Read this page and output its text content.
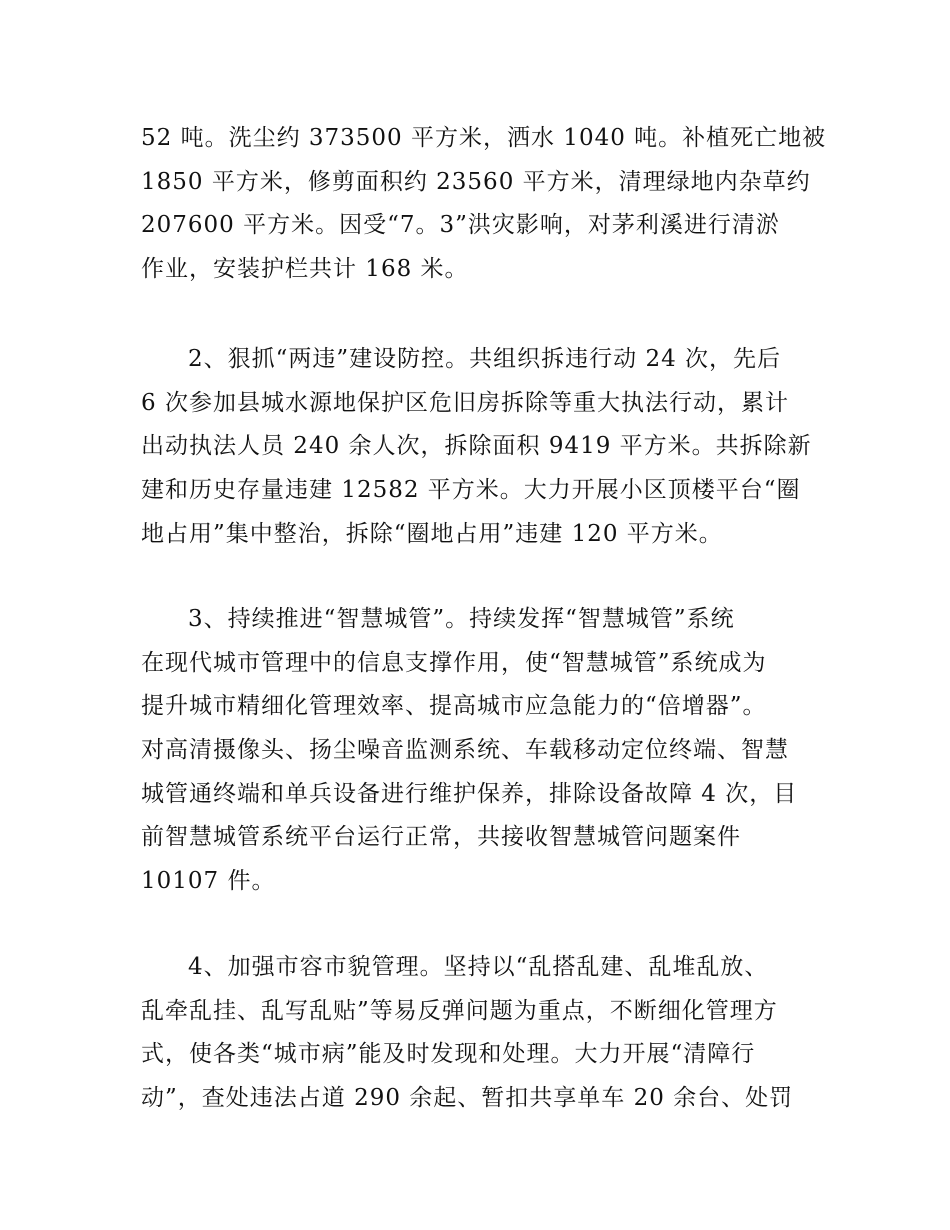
52 吨。洗尘约 373500 平方米，洒水 1040 吨。补植死亡地被
1850 平方米，修剪面积约 23560 平方米，清理绿地内杂草约
207600 平方米。因受“7。3”洪灾影响，对茅利溪进行清淤
作业，安装护栏共计 168 米。

2、狠抓“两违”建设防控。共组织拆违行动 24 次，先后
6 次参加县城水源地保护区危旧房拆除等重大执法行动，累计
出动执法人员 240 余人次，拆除面积 9419 平方米。共拆除新
建和历史存量违建 12582 平方米。大力开展小区顶楼平台“圈
地占用”集中整治，拆除“圈地占用”违建 120 平方米。

3、持续推进“智慧城管”。持续发挥“智慧城管”系统
在现代城市管理中的信息支撑作用，使“智慧城管”系统成为
提升城市精细化管理效率、提高城市应急能力的“倍增器”。
对高清摄像头、扬尘噪音监测系统、车载移动定位终端、智慧
城管通终端和单兵设备进行维护保养，排除设备故障 4 次，目
前智慧城管系统平台运行正常，共接收智慧城管问题案件
10107 件。

4、加强市容市貌管理。坚持以“乱搭乱建、乱堆乱放、
乱牵乱挂、乱写乱贴”等易反弹问题为重点，不断细化管理方
式，使各类“城市病”能及时发现和处理。大力开展“清障行
动”，查处违法占道 290 余起、暂扣共享单车 20 余台、处罚
